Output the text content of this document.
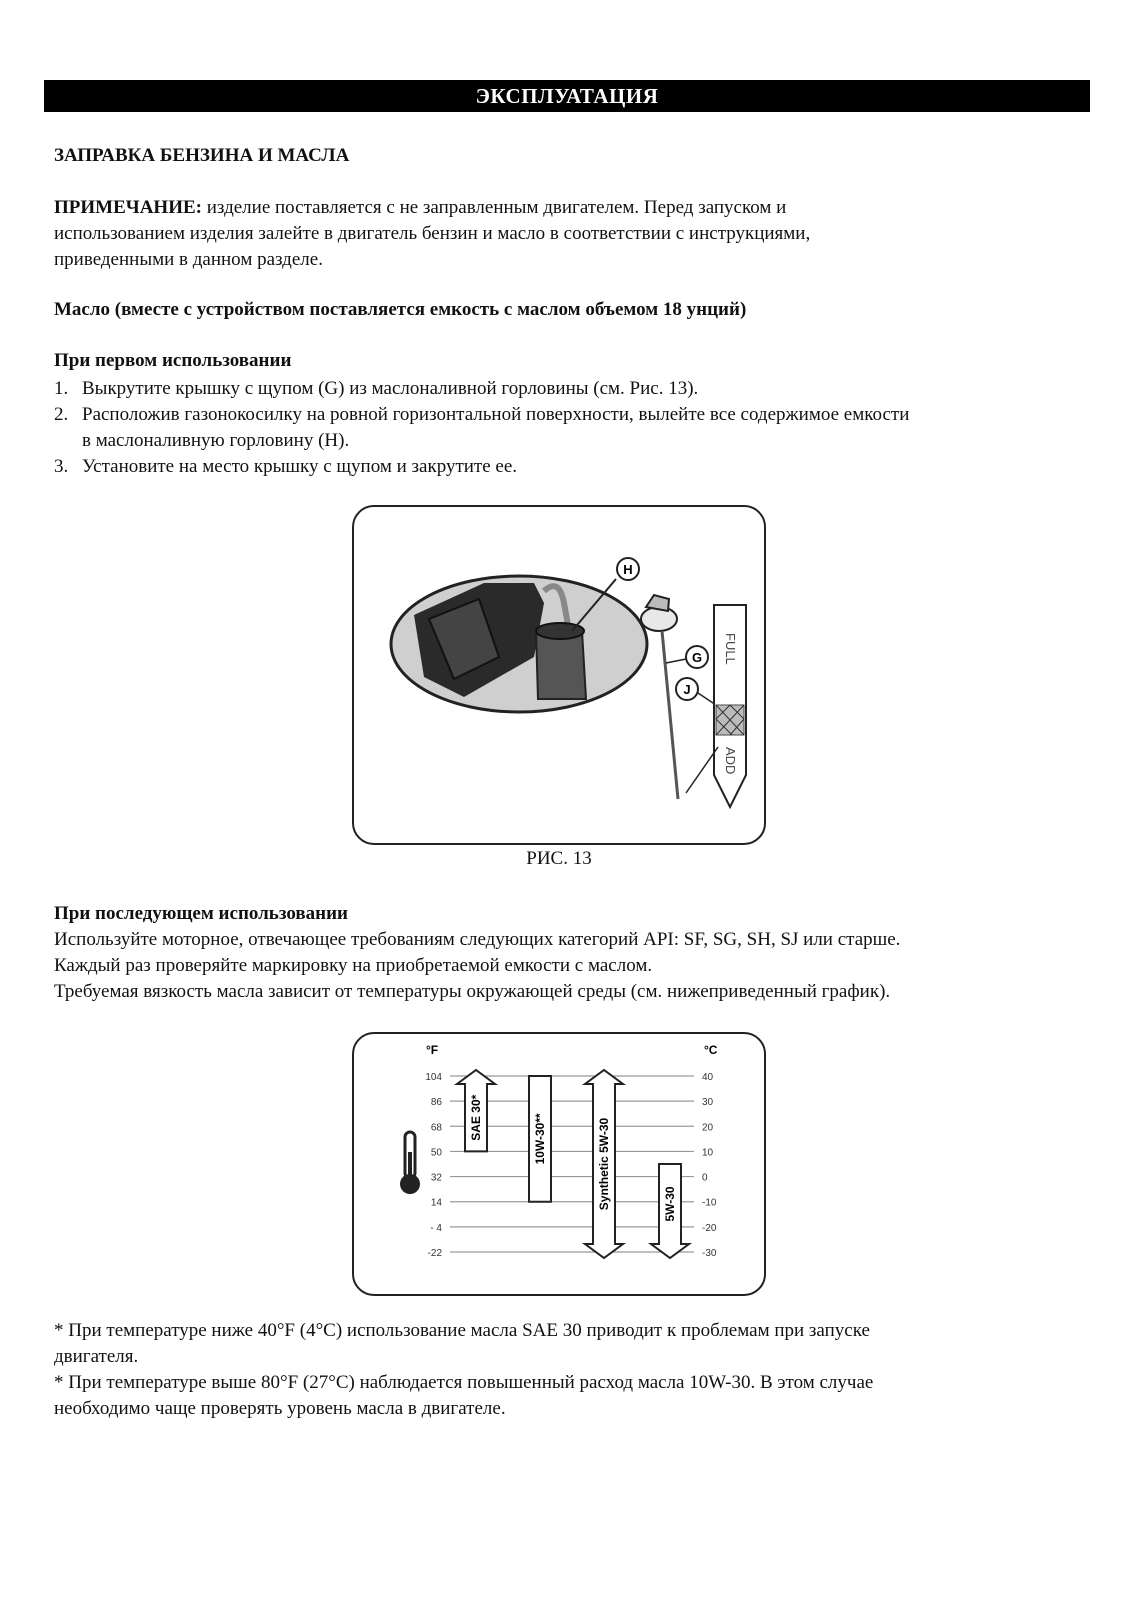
ЭКСПЛУАТАЦИЯ

ЗАПРАВКА БЕНЗИНА И МАСЛА

ПРИМЕЧАНИЕ: изделие поставляется с не заправленным двигателем. Перед запуском и
использованием изделия залейте в двигатель бензин и масло в соответствии с инструкциями,
приведенными в данном разделе.

Масло (вместе с устройством поставляется емкость с маслом объемом 18 унций)

При первом использовании

1. Выкрутите крышку с щупом (G) из маслоналивной горловины (см. Рис. 13).
2. Расположив газонокосилку на ровной горизонтальной поверхности, вылейте все содержимое емкости
в маслоналивную горловину (H).
3. Установите на место крышку с щупом и закрутите ее.
H
G
J
FULL
ADD
РИС. 13

При последующем использовании

Используйте моторное, отвечающее требованиям следующих категорий API: SF, SG, SH, SJ или старше.
Каждый раз проверяйте маркировку на приобретаемой емкости с маслом.
Требуемая вязкость масла зависит от температуры окружающей среды (см. нижеприведенный график).

°F	°C
104
86
68
50
32
14
- 4
-22
40
30
20
10
0
-10
-20
-30
SAE 30*	10W-30**	Synthetic 5W-30	5W-30

* При температуре ниже 40°F (4°C) использование масла SAE 30 приводит к проблемам при запуске
двигателя.

* При температуре выше 80°F (27°C) наблюдается повышенный расход масла 10W-30. В этом случае
необходимо чаще проверять уровень масла в двигателе.
